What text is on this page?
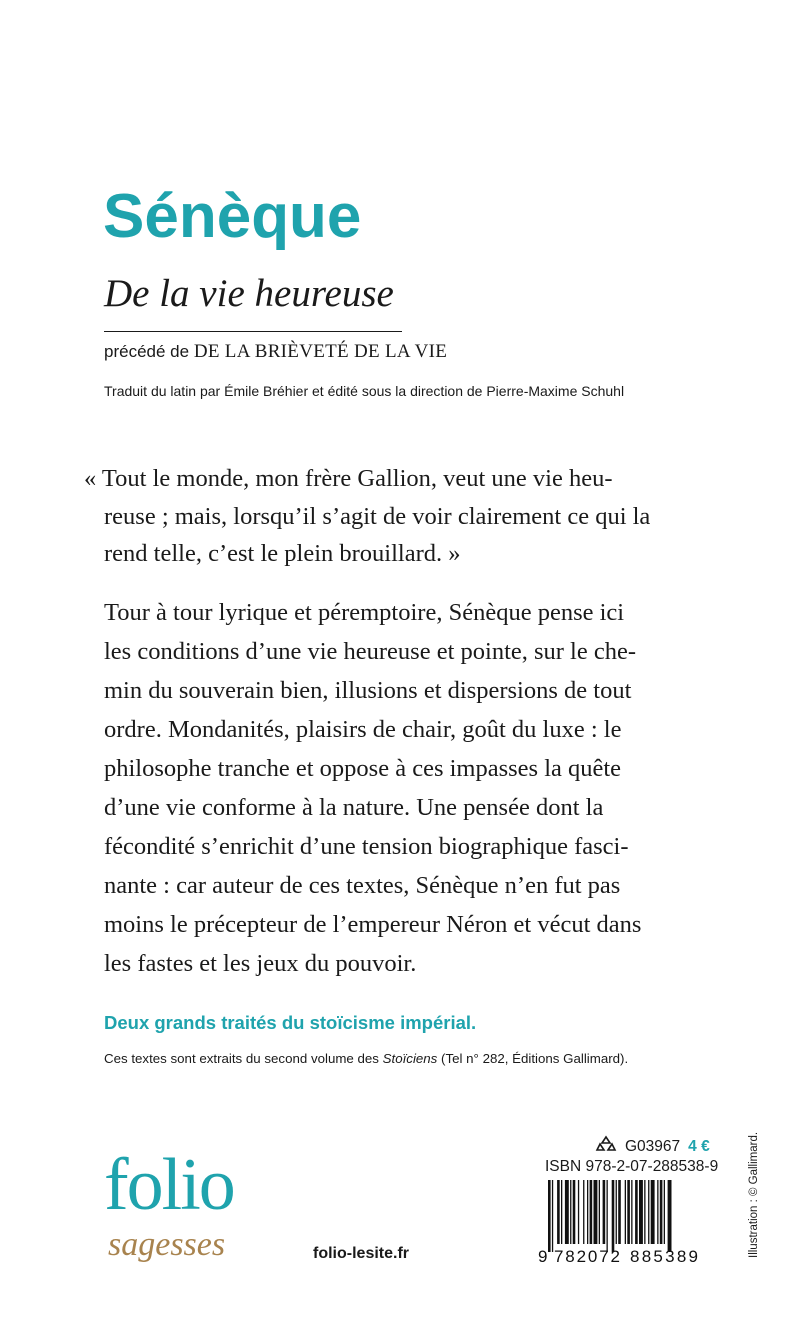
Sénèque
De la vie heureuse
précédé de DE LA BRIÈVETÉ DE LA VIE
Traduit du latin par Émile Bréhier et édité sous la direction de Pierre-Maxime Schuhl

« Tout le monde, mon frère Gallion, veut une vie heu-

reuse ; mais, lorsqu’il s’agit de voir clairement ce qui la

rend telle, c’est le plein brouillard. »

Tour à tour lyrique et péremptoire, Sénèque pense ici

les conditions d’une vie heureuse et pointe, sur le che-

min du souverain bien, illusions et dispersions de tout

ordre. Mondanités, plaisirs de chair, goût du luxe : le

philosophe tranche et oppose à ces impasses la quête

d’une vie conforme à la nature. Une pensée dont la

fécondité s’enrichit d’une tension biographique fasci-

nante : car auteur de ces textes, Sénèque n’en fut pas

moins le précepteur de l’empereur Néron et vécut dans

les fastes et les jeux du pouvoir.

Deux grands traités du stoïcisme impérial.
Ces textes sont extraits du second volume des Stoïciens (Tel n° 282, Éditions Gallimard).
folio
sagesses	folio-lesite.fr
G03967 4 €
ISBN 978-2-07-288538-9
9 782072 885389	Illustration : © Gallimard.
